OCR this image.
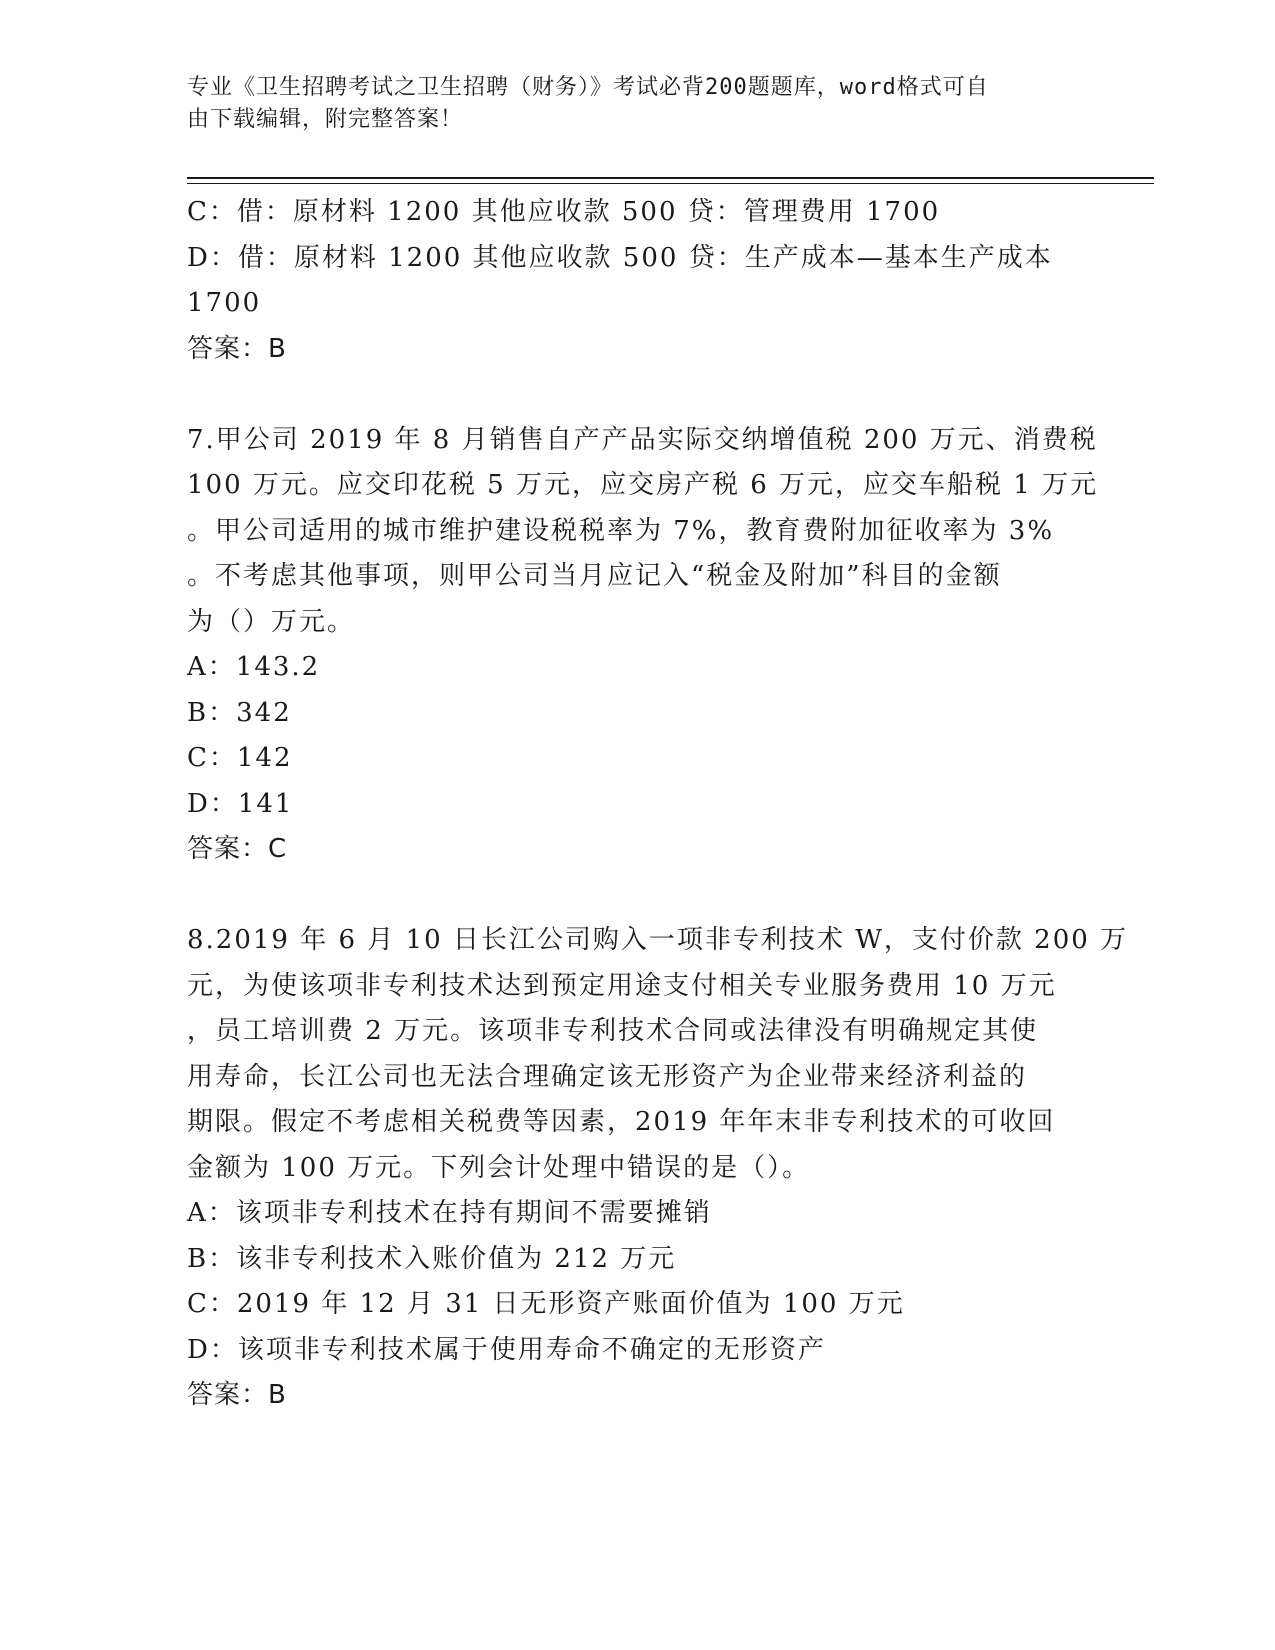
专业《卫生招聘考试之卫生招聘（财务）》考试必背200题题库，word格式可自
由下载编辑，附完整答案！
C：借：原材料 1200 其他应收款 500 贷：管理费用 1700
D：借：原材料 1200 其他应收款 500 贷：生产成本—基本生产成本
1700
答案：B
7.甲公司 2019 年 8 月销售自产产品实际交纳增值税 200 万元、消费税
100 万元。应交印花税 5 万元，应交房产税 6 万元，应交车船税 1 万元
。甲公司适用的城市维护建设税税率为 7%，教育费附加征收率为 3%
。不考虑其他事项，则甲公司当月应记入“税金及附加”科目的金额
为（）万元。
A：143.2
B：342
C：142
D：141
答案：C
8.2019 年 6 月 10 日长江公司购入一项非专利技术 W，支付价款 200 万
元，为使该项非专利技术达到预定用途支付相关专业服务费用 10 万元
，员工培训费 2 万元。该项非专利技术合同或法律没有明确规定其使
用寿命，长江公司也无法合理确定该无形资产为企业带来经济利益的
期限。假定不考虑相关税费等因素，2019 年年末非专利技术的可收回
金额为 100 万元。下列会计处理中错误的是（）。
A：该项非专利技术在持有期间不需要摊销
B：该非专利技术入账价值为 212 万元
C：2019 年 12 月 31 日无形资产账面价值为 100 万元
D：该项非专利技术属于使用寿命不确定的无形资产
答案：B
